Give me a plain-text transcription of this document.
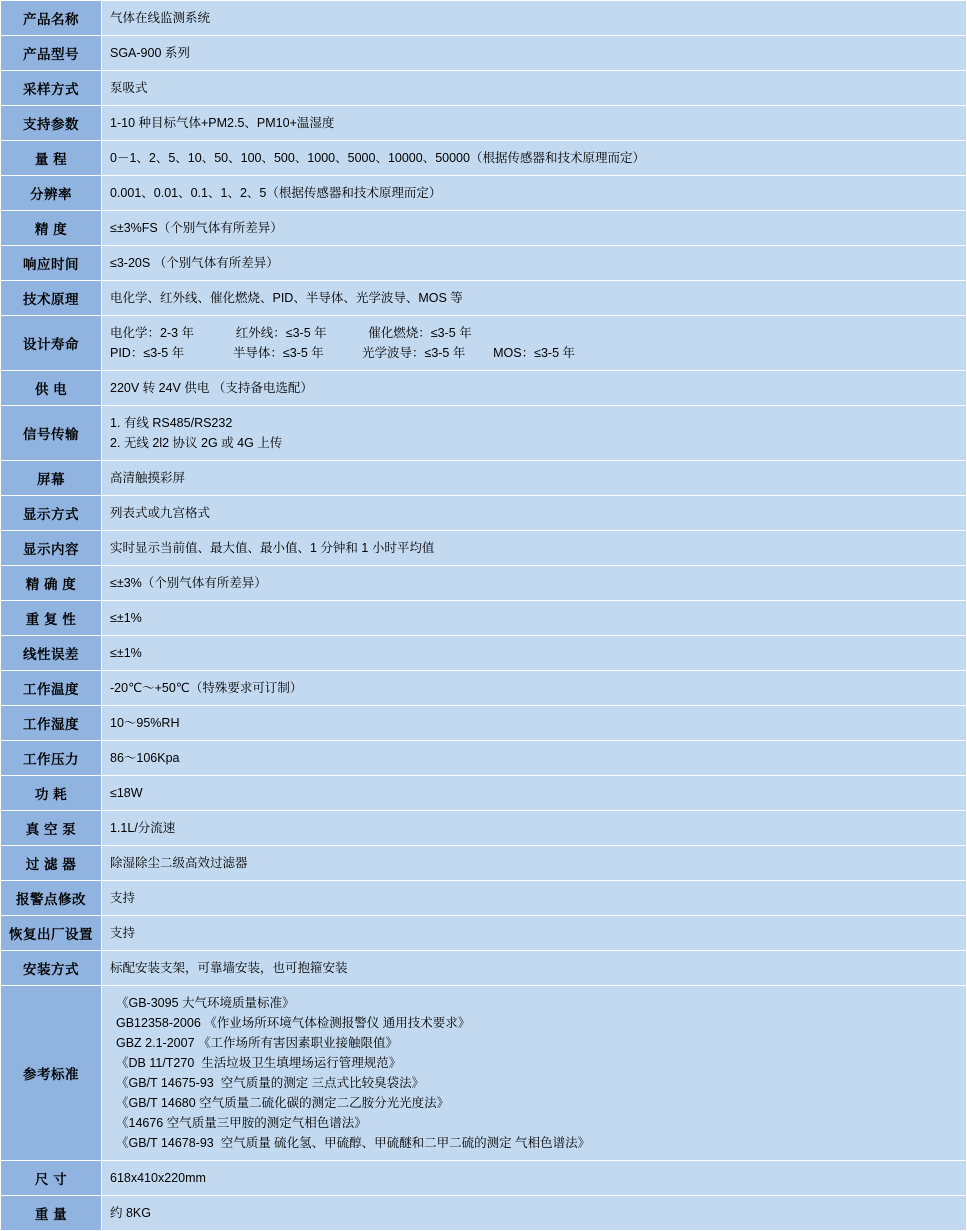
产品名称	气体在线监测系统

产品型号	SGA-900 系列

采样方式	泵吸式

支持参数	1-10 种目标气体+PM2.5、PM10+温湿度

量 程	0－1、2、5、10、50、100、500、1000、5000、10000、50000（根据传感器和技术原理而定）

分辨率	0.001、0.01、0.1、1、2、5（根据传感器和技术原理而定）

精 度	≤±3%FS（个别气体有所差异）

响应时间	≤3-20S （个别气体有所差异）

技术原理	电化学、红外线、催化燃烧、PID、半导体、光学波导、MOS 等

设计寿命	电化学：2-3 年            红外线：≤3-5 年            催化燃烧：≤3-5 年
PID：≤3-5 年              半导体：≤3-5 年           光学波导：≤3-5 年        MOS：≤3-5 年

供 电	220V 转 24V 供电 （支持备电选配）

信号传输	1. 有线 RS485/RS232
2. 无线 2l2 协议 2G 或 4G 上传

屏幕	高清触摸彩屏

显示方式	列表式或九宫格式

显示内容	实时显示当前值、最大值、最小值、1 分钟和 1 小时平均值

精 确 度	≤±3%（个别气体有所差异）

重 复 性	≤±1%

线性误差	≤±1%

工作温度	-20℃～+50℃（特殊要求可订制）

工作湿度	10～95%RH

工作压力	86～106Kpa

功 耗	≤18W

真 空 泵	1.1L/分流速

过 滤 器	除湿除尘二级高效过滤器

报警点修改	支持

恢复出厂设置	支持

安装方式	标配安装支架，可靠墙安装，也可抱箍安装

参考标准	
《GB-3095 大气环境质量标准》
GB12358-2006 《作业场所环境气体检测报警仪 通用技术要求》
GBZ 2.1-2007 《工作场所有害因素职业接触限值》
《DB 11/T270  生活垃圾卫生填埋场运行管理规范》
《GB/T 14675-93  空气质量的测定 三点式比较臭袋法》
《GB/T 14680 空气质量二硫化碳的测定二乙胺分光光度法》
《14676 空气质量三甲胺的测定气相色谱法》
《GB/T 14678-93  空气质量 硫化氢、甲硫醇、甲硫醚和二甲二硫的测定 气相色谱法》

尺 寸	618x410x220mm

重 量	约 8KG
